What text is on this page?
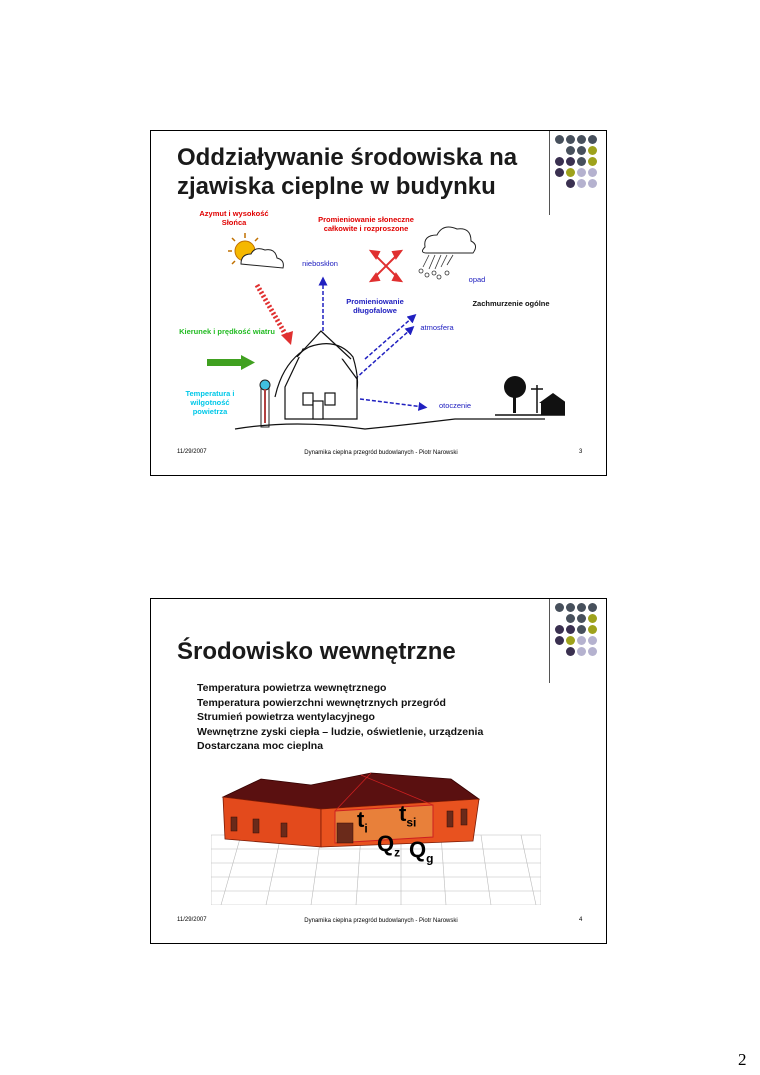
Oddziaływanie środowiska na zjawiska cieplne w budynku
Azymut i wysokość Słońca	Promieniowanie słoneczne całkowite i rozproszone
nieboskłon
opad
Promieniowanie długofalowe
Zachmurzenie ogólne
atmosfera
Kierunek i prędkość wiatru
Temperatura i wilgotność powietrza
otoczenie
11/29/2007	Dynamika cieplna przegród budowlanych - Piotr Narowski	3
Środowisko wewnętrzne
Temperatura powietrza wewnętrznego
Temperatura powierzchni wewnętrznych przegród
Strumień powietrza wentylacyjnego
Wewnętrzne zyski ciepła – ludzie, oświetlenie, urządzenia
Dostarczana moc cieplna
$t_i$
$t_{si}$
$Q_z$ $Q_g$
11/29/2007	Dynamika cieplna przegród budowlanych - Piotr Narowski	4
2
